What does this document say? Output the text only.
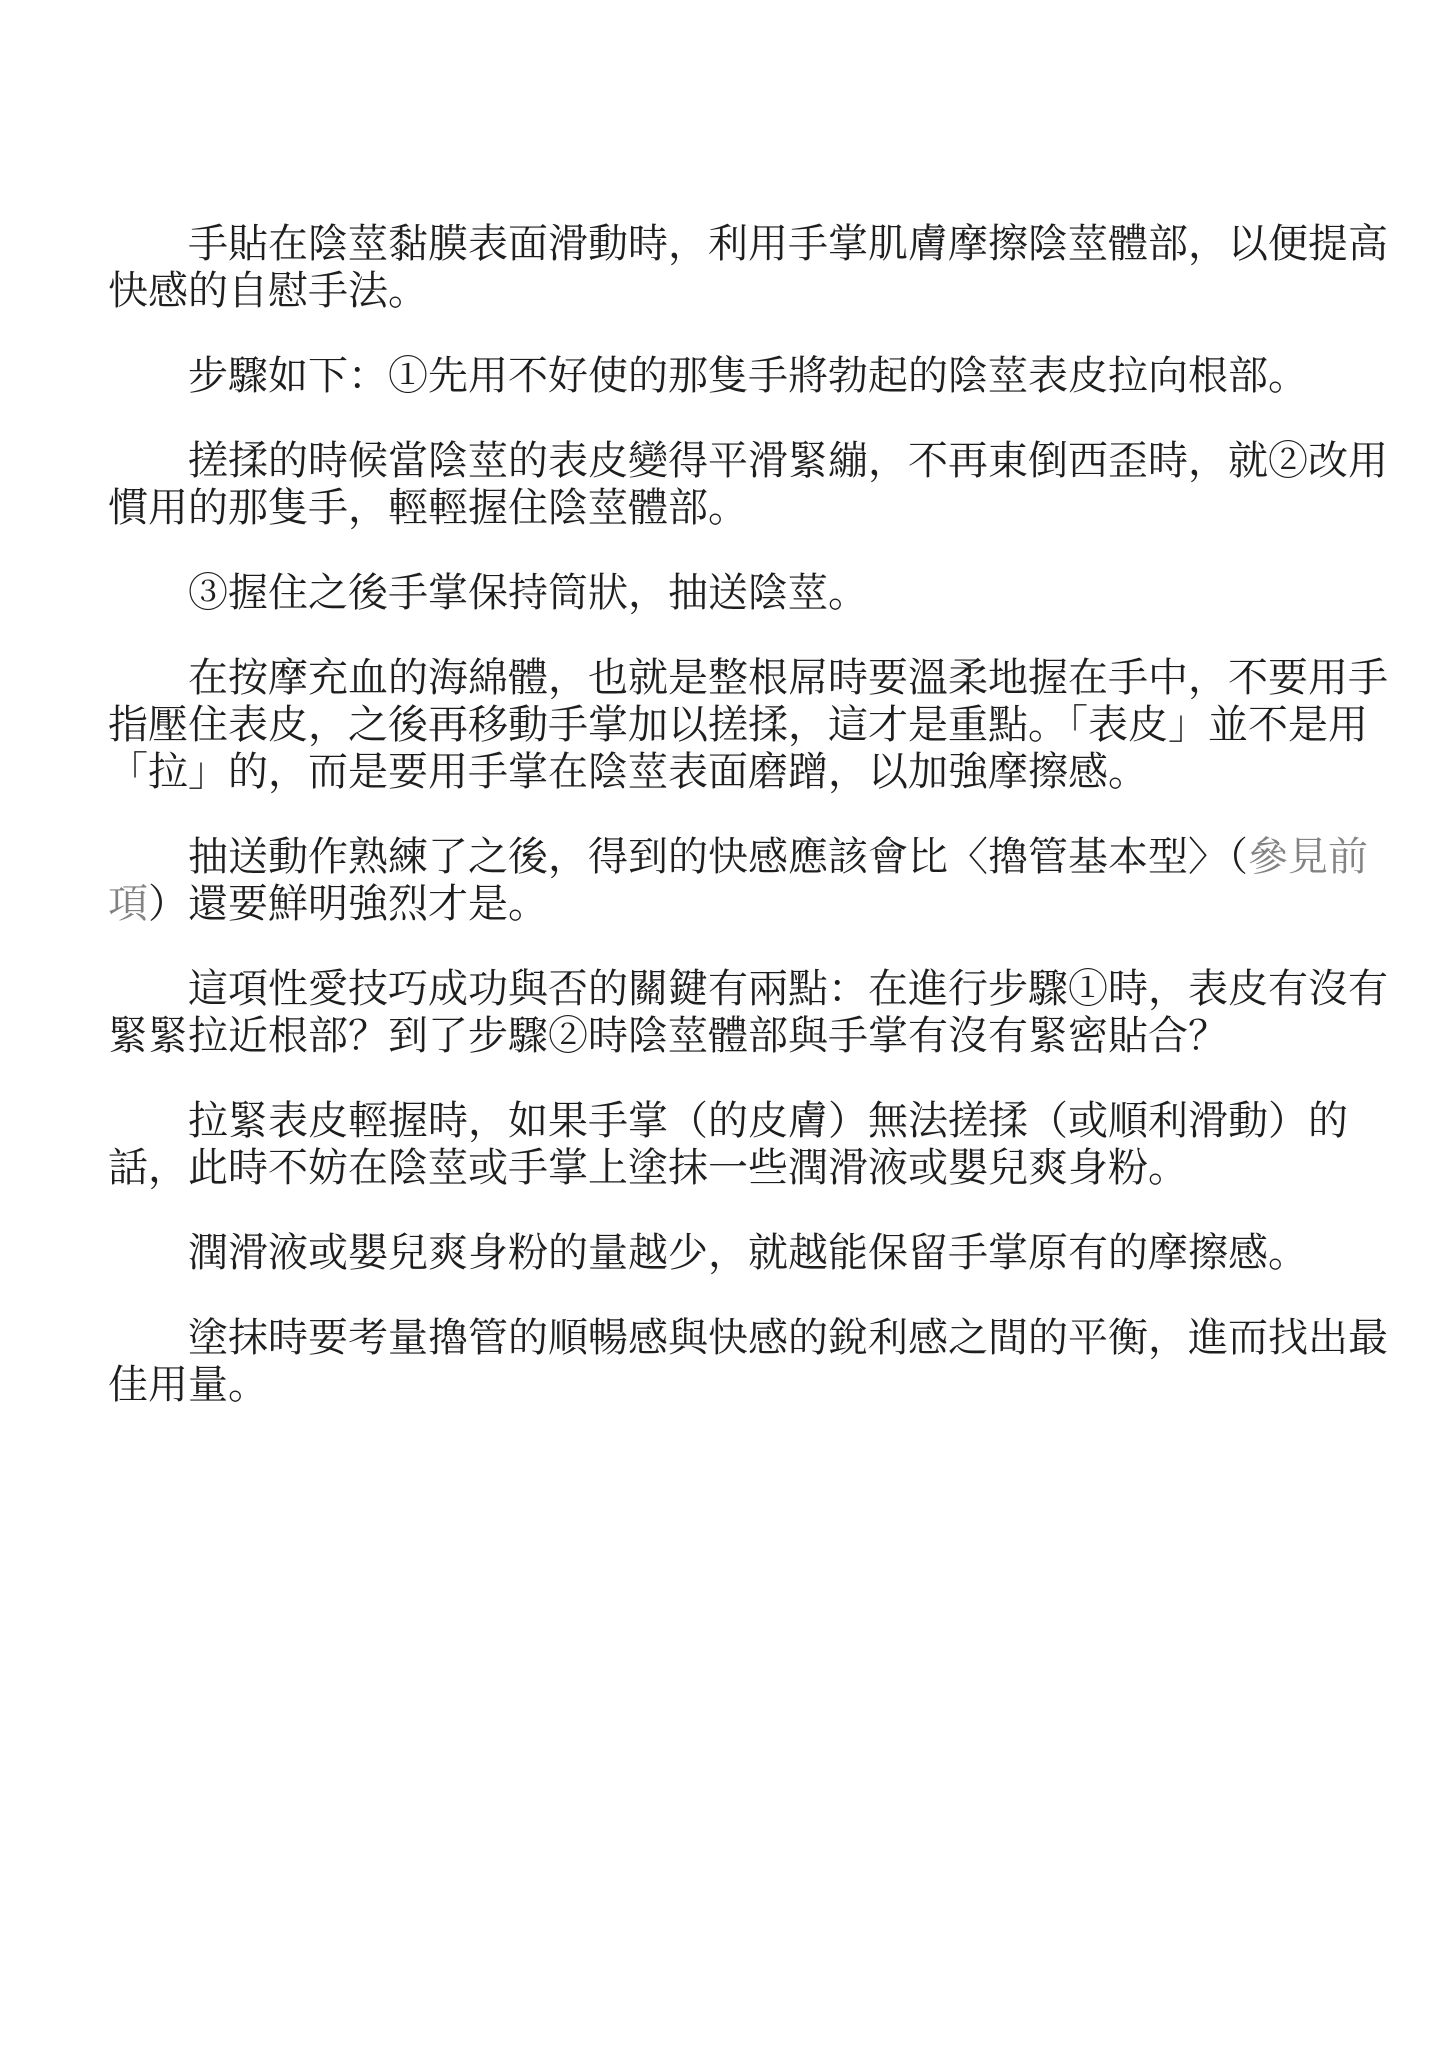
手貼在陰莖黏膜表面滑動時，利用手掌肌膚摩擦陰莖體部，以便提高快感的自慰手法。

步驟如下：①先用不好使的那隻手將勃起的陰莖表皮拉向根部。

搓揉的時候當陰莖的表皮變得平滑緊繃，不再東倒西歪時，就②改用慣用的那隻手，輕輕握住陰莖體部。

③握住之後手掌保持筒狀，抽送陰莖。

在按摩充血的海綿體，也就是整根屌時要溫柔地握在手中，不要用手指壓住表皮，之後再移動手掌加以搓揉，這才是重點。「表皮」並不是用「拉」的，而是要用手掌在陰莖表面磨蹭，以加強摩擦感。

抽送動作熟練了之後，得到的快感應該會比〈擼管基本型〉（參見前項）還要鮮明強烈才是。

這項性愛技巧成功與否的關鍵有兩點：在進行步驟①時，表皮有沒有緊緊拉近根部？到了步驟②時陰莖體部與手掌有沒有緊密貼合？

拉緊表皮輕握時，如果手掌（的皮膚）無法搓揉（或順利滑動）的話，此時不妨在陰莖或手掌上塗抹一些潤滑液或嬰兒爽身粉。

潤滑液或嬰兒爽身粉的量越少，就越能保留手掌原有的摩擦感。

塗抹時要考量擼管的順暢感與快感的銳利感之間的平衡，進而找出最佳用量。
